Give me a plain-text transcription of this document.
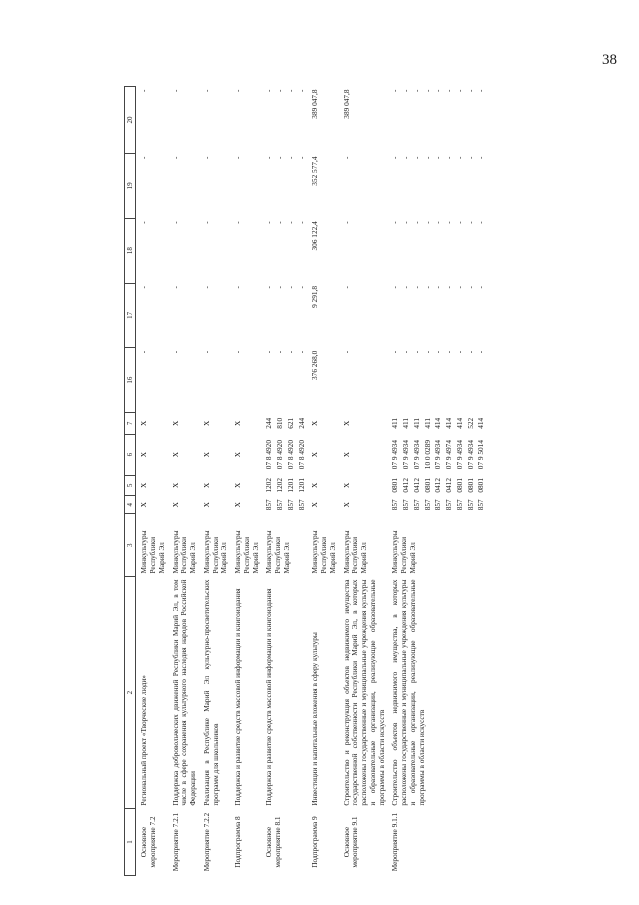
38
1	2	3	4	5	6	7	16	17	18	19	20
Основное мероприятие 7.2	Региональный проект «Творческие люди»	Минкультуры Республики Марий Эл	X	X	X	X	-	-	-	-	-
Мероприятие 7.2.1	Поддержка добровольческих движений Республики Марий Эл, в том числе в сфере сохранения культурного наследия народов Российской Федерации	Минкультуры Республики Марий Эл	X	X	X	X	-	-	-	-	-
Мероприятие 7.2.2	Реализация в Республике Марий Эл культурно-просветительских программ для школьников	Минкультуры Республики Марий Эл	X	X	X	X	-	-	-	-	-
Подпрограмма 8	Поддержка и развитие средств массовой информации и книгоиздания	Минкультуры Республики Марий Эл	X	X	X	X	-	-	-	-	-
Основное мероприятие 8.1	Поддержка и развитие средств массовой информации и книгоиздания	Минкультуры Республики Марий Эл	857	1202	07 8 4920	244	-	-	-	-	-
			857	1202	07 8 4920	810	-	-	-	-	-
			857	1201	07 8 4920	621	-	-	-	-	-
			857	1201	07 8 4920	244	-	-	-	-	-
Подпрограмма 9	Инвестиции и капитальные вложения в сферу культуры	Минкультуры Республики Марий Эл	X	X	X	X	376 268,0	9 291,8	306 122,4	352 577,4	389 047,8
Основное мероприятие 9.1	Строительство и реконструкция объектов недвижимого имущества государственной собственности Республики Марий Эл, в которых расположены государственные и муниципальные учреждения культуры и образовательные организации, реализующие образовательные программы в области искусств	Минкультуры Республики Марий Эл	X	X	X	X	-	-	-	-	389 047,8
Мероприятие 9.1.1	Строительство объектов недвижимого имущества, в которых расположены государственные и муниципальные учреждения культуры и образовательные организации, реализующие образовательные программы в области искусств	Минкультуры Республики Марий Эл	857	0801	07 9 4934	411	-	-	-	-	-
			857	0412	07 9 4934	411	-	-	-	-	-
			857	0412	07 9 4934	411	-	-	-	-	-
			857	0801	10 0 0289	411	-	-	-	-	-
			857	0412	07 9 4934	414	-	-	-	-	-
			857	0412	07 9 4974	414	-	-	-	-	-
			857	0801	07 9 4934	414	-	-	-	-	-
			857	0801	07 9 4934	522	-	-	-	-	-
			857	0801	07 9 5014	414	-	-	-	-	-
